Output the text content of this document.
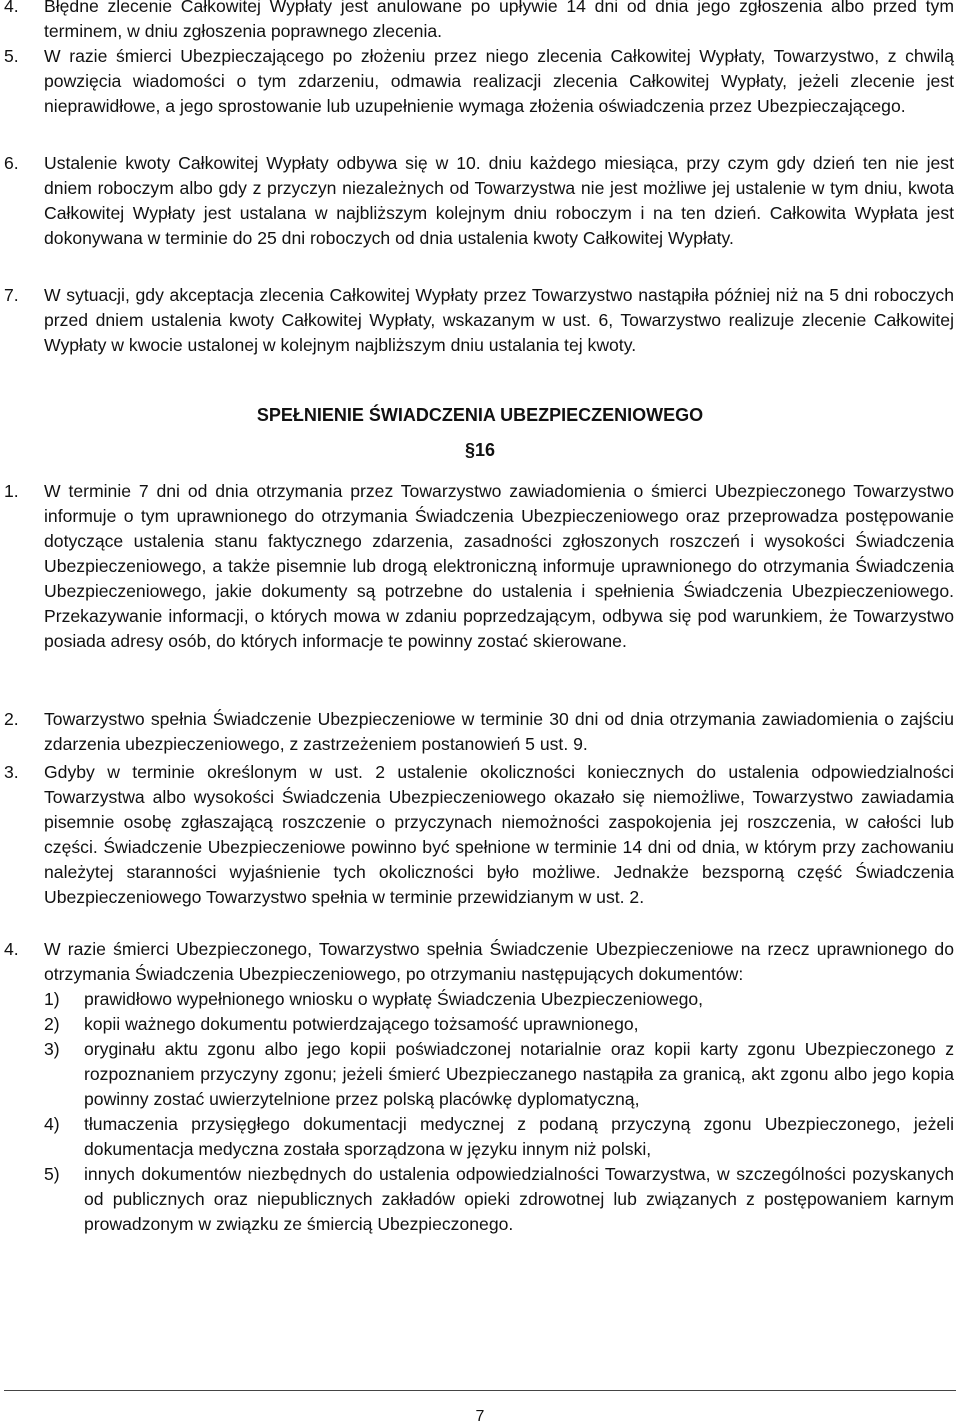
4. Błędne zlecenie Całkowitej Wypłaty jest anulowane po upływie 14 dni od dnia jego zgłoszenia albo przed tym terminem, w dniu zgłoszenia poprawnego zlecenia.
5. W razie śmierci Ubezpieczającego po złożeniu przez niego zlecenia Całkowitej Wypłaty, Towarzystwo, z chwilą powzięcia wiadomości o tym zdarzeniu, odmawia realizacji zlecenia Całkowitej Wypłaty, jeżeli zlecenie jest nieprawidłowe, a jego sprostowanie lub uzupełnienie wymaga złożenia oświadczenia przez Ubezpieczającego.
6. Ustalenie kwoty Całkowitej Wypłaty odbywa się w 10. dniu każdego miesiąca, przy czym gdy dzień ten nie jest dniem roboczym albo gdy z przyczyn niezależnych od Towarzystwa nie jest możliwe jej ustalenie w tym dniu, kwota Całkowitej Wypłaty jest ustalana w najbliższym kolejnym dniu roboczym i na ten dzień. Całkowita Wypłata jest dokonywana w terminie do 25 dni roboczych od dnia ustalenia kwoty Całkowitej Wypłaty.
7. W sytuacji, gdy akceptacja zlecenia Całkowitej Wypłaty przez Towarzystwo nastąpiła później niż na 5 dni roboczych przed dniem ustalenia kwoty Całkowitej Wypłaty, wskazanym w ust. 6, Towarzystwo realizuje zlecenie Całkowitej Wypłaty w kwocie ustalonej w kolejnym najbliższym dniu ustalania tej kwoty.
SPEŁNIENIE ŚWIADCZENIA UBEZPIECZENIOWEGO
§16
1. W terminie 7 dni od dnia otrzymania przez Towarzystwo zawiadomienia o śmierci Ubezpieczonego Towarzystwo informuje o tym uprawnionego do otrzymania Świadczenia Ubezpieczeniowego oraz przeprowadza postępowanie dotyczące ustalenia stanu faktycznego zdarzenia, zasadności zgłoszonych roszczeń i wysokości Świadczenia Ubezpieczeniowego, a także pisemnie lub drogą elektroniczną informuje uprawnionego do otrzymania Świadczenia Ubezpieczeniowego, jakie dokumenty są potrzebne do ustalenia i spełnienia Świadczenia Ubezpieczeniowego. Przekazywanie informacji, o których mowa w zdaniu poprzedzającym, odbywa się pod warunkiem, że Towarzystwo posiada adresy osób, do których informacje te powinny zostać skierowane.
2. Towarzystwo spełnia Świadczenie Ubezpieczeniowe w terminie 30 dni od dnia otrzymania zawiadomienia o zajściu zdarzenia ubezpieczeniowego, z zastrzeżeniem postanowień 5 ust. 9.
3. Gdyby w terminie określonym w ust. 2 ustalenie okoliczności koniecznych do ustalenia odpowiedzialności Towarzystwa albo wysokości Świadczenia Ubezpieczeniowego okazało się niemożliwe, Towarzystwo zawiadamia pisemnie osobę zgłaszającą roszczenie o przyczynach niemożności zaspokojenia jej roszczenia, w całości lub części. Świadczenie Ubezpieczeniowe powinno być spełnione w terminie 14 dni od dnia, w którym przy zachowaniu należytej staranności wyjaśnienie tych okoliczności było możliwe. Jednakże bezsporną część Świadczenia Ubezpieczeniowego Towarzystwo spełnia w terminie przewidzianym w ust. 2.
4. W razie śmierci Ubezpieczonego, Towarzystwo spełnia Świadczenie Ubezpieczeniowe na rzecz uprawnionego do otrzymania Świadczenia Ubezpieczeniowego, po otrzymaniu następujących dokumentów:
1) prawidłowo wypełnionego wniosku o wypłatę Świadczenia Ubezpieczeniowego,
2) kopii ważnego dokumentu potwierdzającego tożsamość uprawnionego,
3) oryginału aktu zgonu albo jego kopii poświadczonej notarialnie oraz kopii karty zgonu Ubezpieczonego z rozpoznaniem przyczyny zgonu; jeżeli śmierć Ubezpieczanego nastąpiła za granicą, akt zgonu albo jego kopia powinny zostać uwierzytelnione przez polską placówkę dyplomatyczną,
4) tłumaczenia przysięgłego dokumentacji medycznej z podaną przyczyną zgonu Ubezpieczonego, jeżeli dokumentacja medyczna została sporządzona w języku innym niż polski,
5) innych dokumentów niezbędnych do ustalenia odpowiedzialności Towarzystwa, w szczególności pozyskanych od publicznych oraz niepublicznych zakładów opieki zdrowotnej lub związanych z postępowaniem karnym prowadzonym w związku ze śmiercią Ubezpieczonego.
7
